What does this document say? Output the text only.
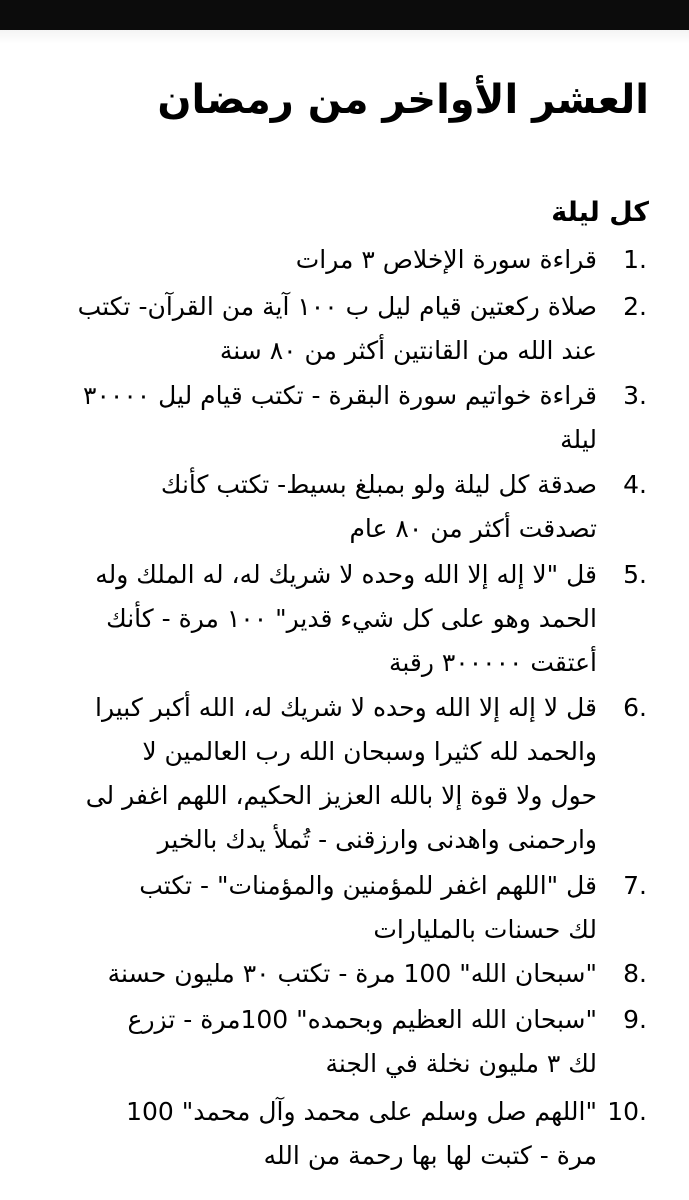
العشر الأواخر من رمضان
كل ليلة
1.
قراءة سورة الإخلاص ٣ مرات
2.
صلاة ركعتين قيام ليل ب ١٠٠ آية من القرآن- تكتب
عند الله من القانتين أكثر من ٨٠ سنة
3.
قراءة خواتيم سورة البقرة - تكتب قيام ليل ٣٠٠٠٠
ليلة
4.
صدقة كل ليلة ولو بمبلغ بسيط- تكتب كأنك
تصدقت أكثر من ٨٠ عام
5.
قل "لا إله إلا الله وحده لا شريك له، له الملك وله
الحمد وهو على كل شيء قدير" ١٠٠ مرة - كأنك
أعتقت ٣٠٠٠٠٠ رقبة
6.
قل لا إله إلا الله وحده لا شريك له، الله أكبر كبيرا
والحمد لله كثيرا وسبحان الله رب العالمين لا
حول ولا قوة إلا بالله العزيز الحكيم، اللهم اغفر لى
وارحمنى واهدنى وارزقنى - تُملأ يدك بالخير
7.
قل "اللهم اغفر للمؤمنين والمؤمنات" - تكتب
لك حسنات بالمليارات
8.
"سبحان الله" 100 مرة - تكتب ٣٠ مليون حسنة
9.
"سبحان الله العظيم وبحمده" 100مرة - تزرع
لك ٣ مليون نخلة في الجنة
10.
"اللهم صل وسلم على محمد وآل محمد" 100
مرة - كتبت لها بها رحمة من الله
